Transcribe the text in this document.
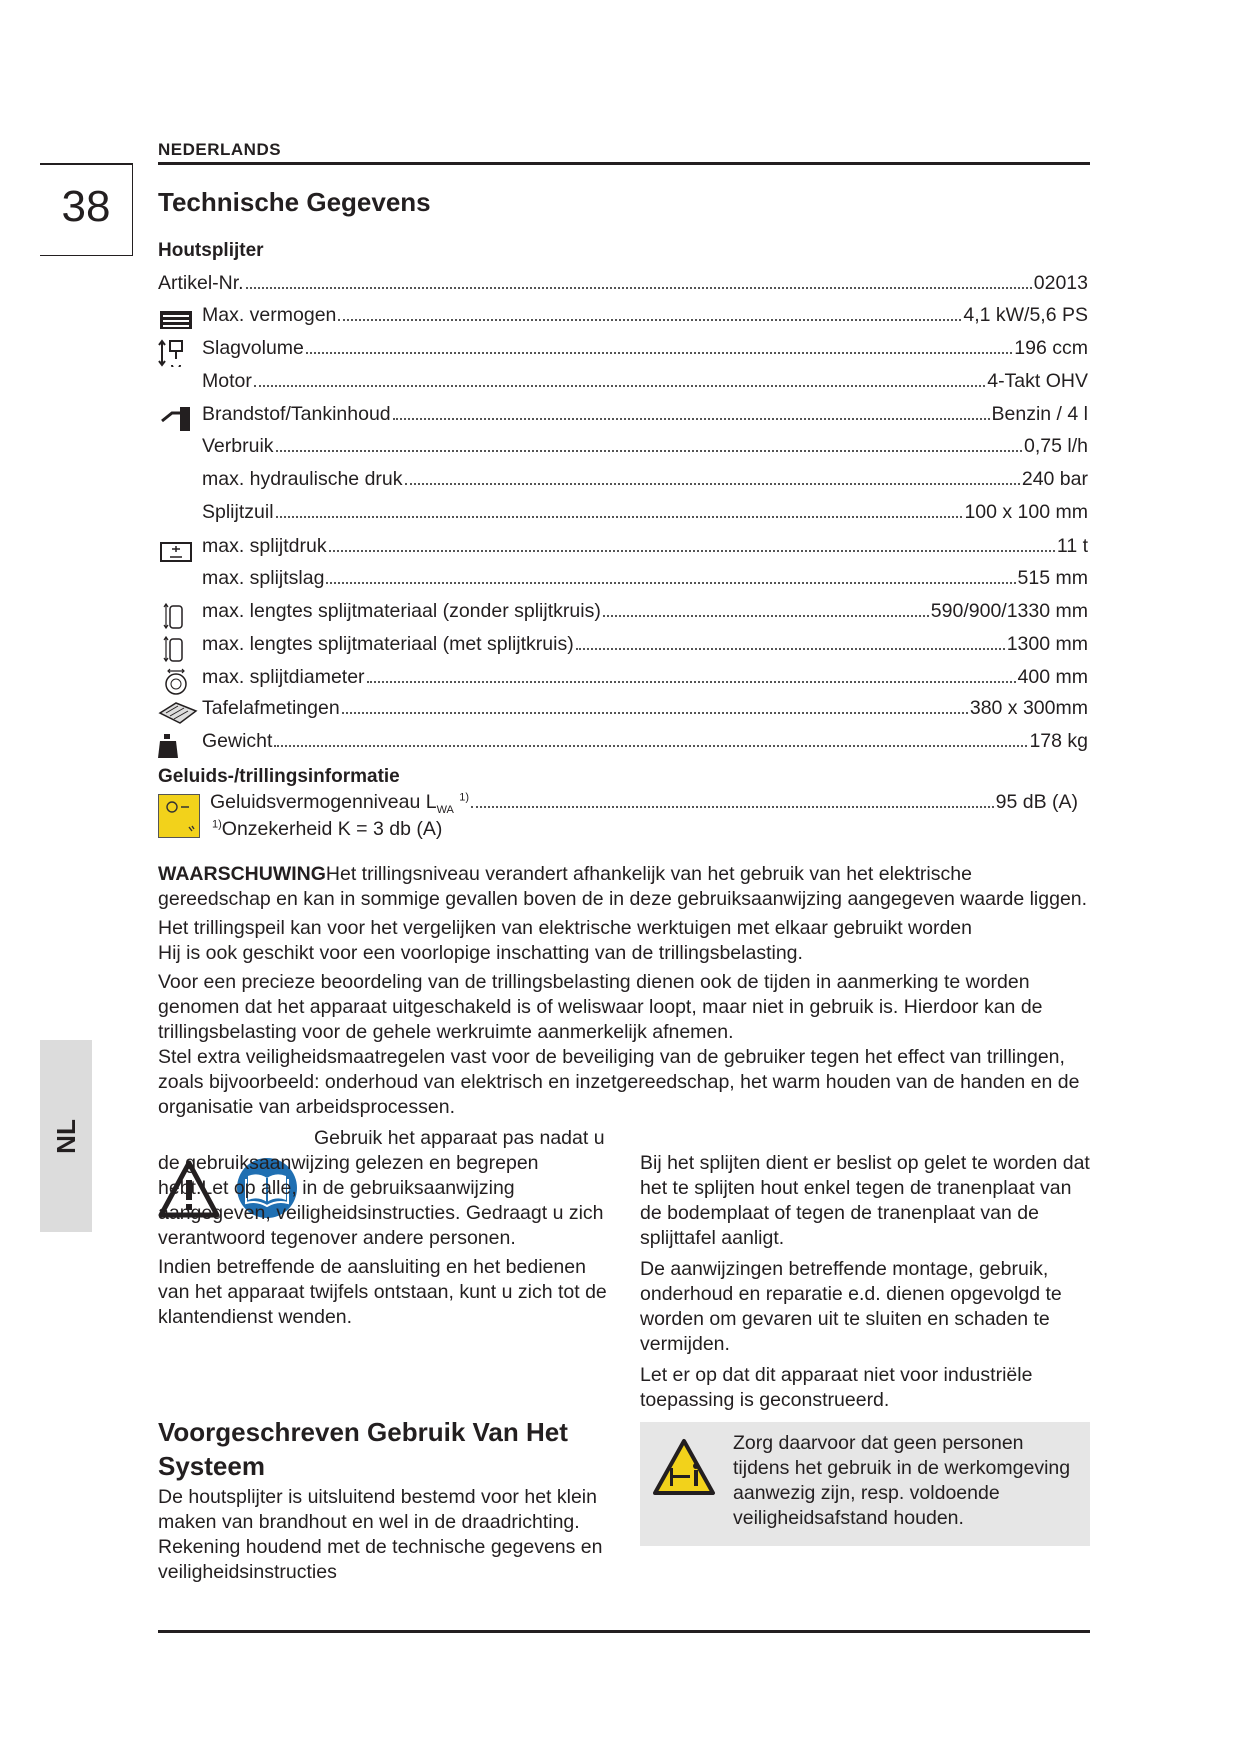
NEDERLANDS
38
NL
Technische Gegevens
Houtsplijter
Artikel-Nr.	02013
Max. vermogen	4,1 kW/5,6 PS
Slagvolume	196 ccm
Motor	4-Takt OHV
Brandstof/Tankinhoud	Benzin / 4 l
Verbruik	0,75 l/h
max. hydraulische druk	240 bar
Splijtzuil	100 x 100 mm
max. splijtdruk	11 t
max. splijtslag	515 mm
max. lengtes splijtmateriaal (zonder splijtkruis)	590/900/1330 mm
max. lengtes splijtmateriaal (met splijtkruis)	1300 mm
max. splijtdiameter	400 mm
Tafelafmetingen	380 x 300mm
Gewicht	178 kg
Geluids-/trillingsinformatie
Geluidsvermogenniveau $L_{WA}$ $^{1)}$	95 dB (A)
$^{1)}$Onzekerheid K = 3 db (A)

WAARSCHUWINGHet trillingsniveau verandert afhankelijk van het gebruik van het elektrische gereedschap en kan in sommige gevallen boven de in deze gebruiksaanwijzing aangegeven waarde liggen.

Het trillingspeil kan voor het vergelijken van elektrische werktuigen met elkaar gebruikt worden

Hij is ook geschikt voor een voorlopige inschatting van de trillingsbelasting.

Voor een precieze beoordeling van de trillingsbelasting dienen ook de tijden in aanmerking te worden genomen dat het apparaat uitgeschakeld is of weliswaar loopt, maar niet in gebruik is. Hierdoor kan de trillingsbelasting voor de gehele werkruimte aanmerkelijk afnemen.

Stel extra veiligheidsmaatregelen vast voor de beveiliging van de gebruiker tegen het effect van trillingen, zoals bijvoorbeeld: onderhoud van elektrisch en inzetgereedschap, het warm houden van de handen en de organisatie van arbeidsprocessen.

Gebruik het apparaat pas nadat u de gebruiksaanwijzing gelezen en begrepen hebt.Let op alle, in de gebruiksaanwijzing aangegeven, veiligheidsinstructies. Gedraagt u zich verantwoord tegenover andere personen.

Indien betreffende de aansluiting en het bedienen van het apparaat twijfels ontstaan, kunt u zich tot de klantendienst wenden.

Voorgeschreven Gebruik Van Het Systeem
De houtsplijter is uitsluitend bestemd voor het klein maken van brandhout en wel in de draadrichting. Rekening houdend met de technische gegevens en veiligheidsinstructies

Bij het splijten dient er beslist op gelet te worden dat het te splijten hout enkel tegen de tranenplaat van de bodemplaat of tegen de tranenplaat van de splijttafel aanligt.

De aanwijzingen betreffende montage, gebruik, onderhoud en reparatie e.d. dienen opgevolgd te worden om gevaren uit te sluiten en schaden te vermijden.

Let er op dat dit apparaat niet voor industriële toepassing is geconstrueerd.

Zorg daarvoor dat geen personen tijdens het gebruik in de werkomgeving aanwezig zijn, resp. voldoende veiligheidsafstand houden.
